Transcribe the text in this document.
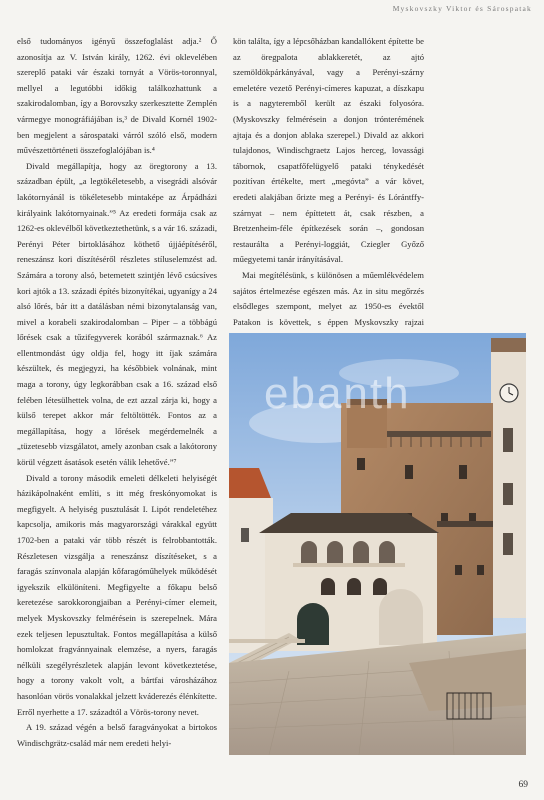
Myskovszky Viktor és Sárospatak

első tudományos igényű összefoglalást adja.² Ő azonosítja az V. István király, 1262. évi oklevelében szereplő pataki vár északi tornyát a Vörös-toronnyal, mellyel a legutóbbi időkig találkozhattunk a szakirodalomban, így a Borovszky szerkesztette Zemplén vármegye monográfiájában is,³ de Divald Kornél 1902-ben megjelent a sárospataki várról szóló első, modern művészettörténeti összefoglalójában is.⁴

Divald megállapítja, hogy az öregtorony a 13. században épült, „a legtökéletesebb, a visegrádi alsóvár lakótornyánál is tökéletesebb mintaképe az Árpádházi királyaink lakótornyainak.”⁵ Az eredeti formája csak az 1262-es oklevélből következtethetünk, s a vár 16. századi, Perényi Péter birtoklásához köthető újjáépítéséről, reneszánsz kori díszítéséről részletes stíluselemzést ad. Számára a torony alsó, betemetett szintjén lévő csúcsíves kori ajtók a 13. századi építés bizonyítékai, ugyanígy a 24 alsó lőrés, bár itt a datálásban némi bizonytalanság van, mivel a korabeli szakirodalomban – Piper – a többágú lőrések csak a tűzifegyverek korából származnak.⁶ Az ellentmondást úgy oldja fel, hogy itt íjak számára készültek, és megjegyzi, ha későbbiek volnának, mint maga a torony, úgy legkorábban csak a 16. század első felében létesülhettek volna, de ezt azzal zárja ki, hogy a külső terepet akkor már feltöltötték. Fontos az a megállapítása, hogy a lőrések megérdemelnék a „tüzetesebb vizsgálatot, amely azonban csak a lakótorony körül végzett ásatások esetén válik lehetővé.”⁷

Divald a torony második emeleti délkeleti helyiségét házikápolnaként említi, s itt még freskónyomokat is megfigyelt. A helyiség pusztulását I. Lipót rendeletéhez kapcsolja, amikoris más magyarországi várakkal együtt 1702-ben a pataki vár több részét is felrobbantották. Részletesen vizsgálja a reneszánsz díszítéseket, s a faragás színvonala alapján kőfaragóműhelyek működését igyekszik elkülöníteni. Megfigyelte a főkapu belső keretezése sarokkorongjaiban a Perényi-címer elemeit, melyek Myskovszky felmérésein is szerepelnek. Mára ezek teljesen lepusztultak. Fontos megállapítása a külső homlokzat fragvánnyainak elemzése, a nyers, faragás nélküli szegélyrészletek alapján levont következtetése, hogy a torony vakolt volt, a bártfai városházához hasonlóan vörös vonalakkal jelzett kváderezés élénkítette. Erről nyerhette a 17. századtól a Vörös-torony nevet.

A 19. század végén a belső faragványokat a birtokos Windischgrätz-család már nem eredeti helyi-

kön találta, így a lépcsőházban kandallókent építette be az öregpalota ablakkeretét, az ajtó szemöldökpárkányával, vagy a Perényi-szárny emeletére vezető Perényi-címeres kapuzat, a díszkapu is a nagyteremből került az északi folyosóra. (Myskovszky felmérésein a donjon trónterémének ajtaja és a donjon ablaka szerepel.) Divald az akkori tulajdonos, Windischgraetz Lajos herceg, lovassági tábornok, csapatfőfelügyelő pataki ténykedését pozitívan értékelte, mert „megóvta” a vár követ, eredeti alakjában őrizte meg a Perényi- és Lórántffy-szárnyat – nem építtetett át, csak részben, a Bretzenheim-féle építkezések során –, gondosan restaurálta a Perényi-loggiát, Cziegler Győző műegyetemi tanár irányításával.

Mai megítélésünk, s különösen a műemlékvédelem sajátos értelmezése egészen más. Az in situ megőrzés elsődleges szempont, melyet az 1950-es évektől Patakon is követtek, s éppen Myskovszky rajzai

ebanth
69
